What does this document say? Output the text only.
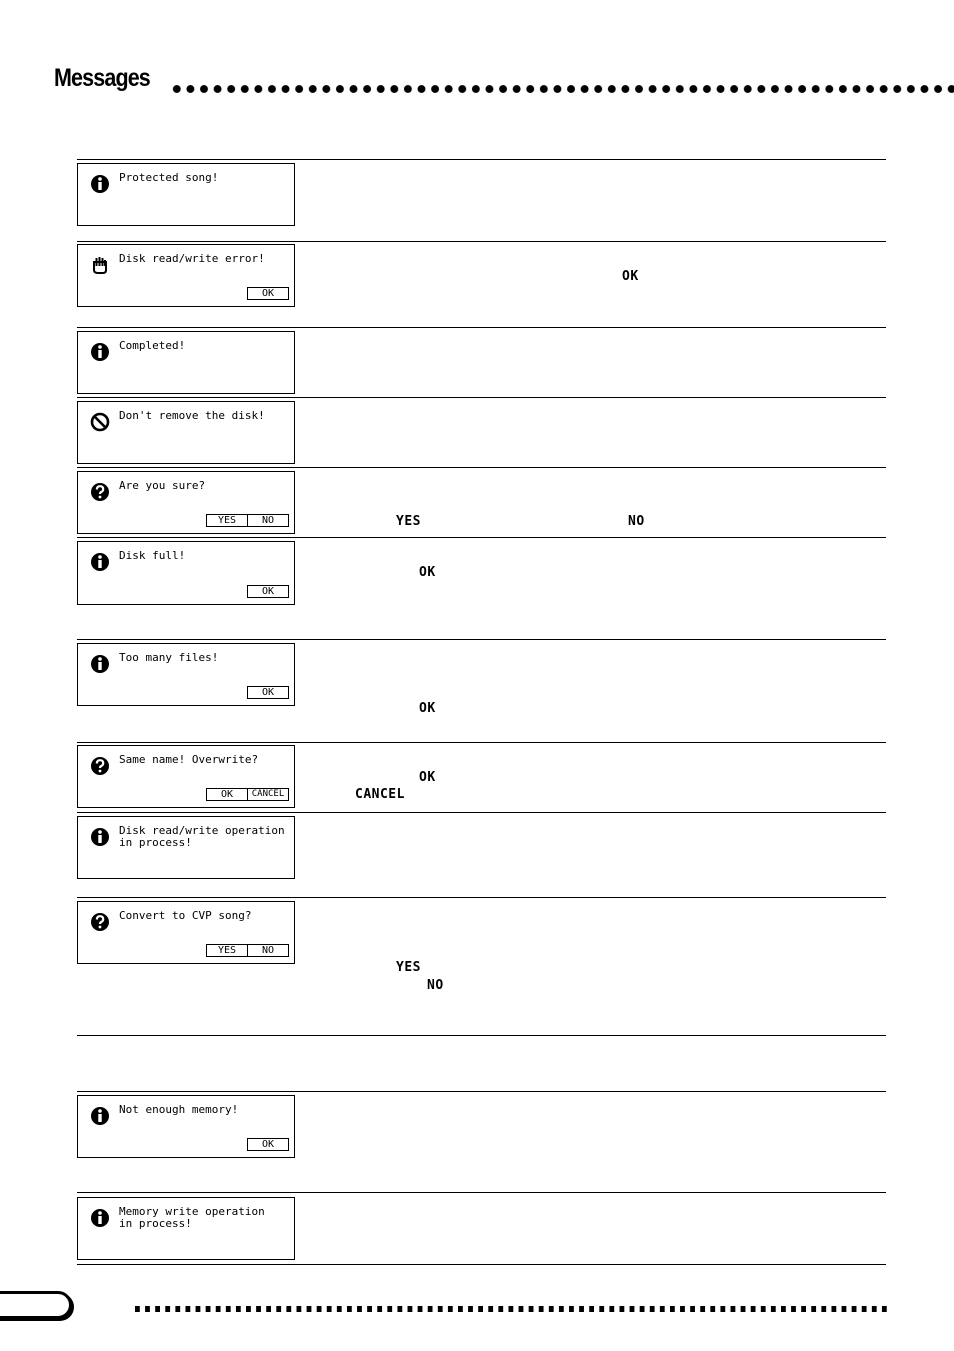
Messages
Protected song!
Disk read/write error!
OK
Completed!
Don't remove the disk!
Are you sure?
YES	NO
Disk full!
OK
Too many files!
OK
Same name! Overwrite?
OK	CANCEL
Disk read/write operation
in process!
Convert to CVP song?
YES	NO
Not enough memory!
OK
Memory write operation
in process!
OK
YES	NO
OK
OK
OK
CANCEL
YES
NO
